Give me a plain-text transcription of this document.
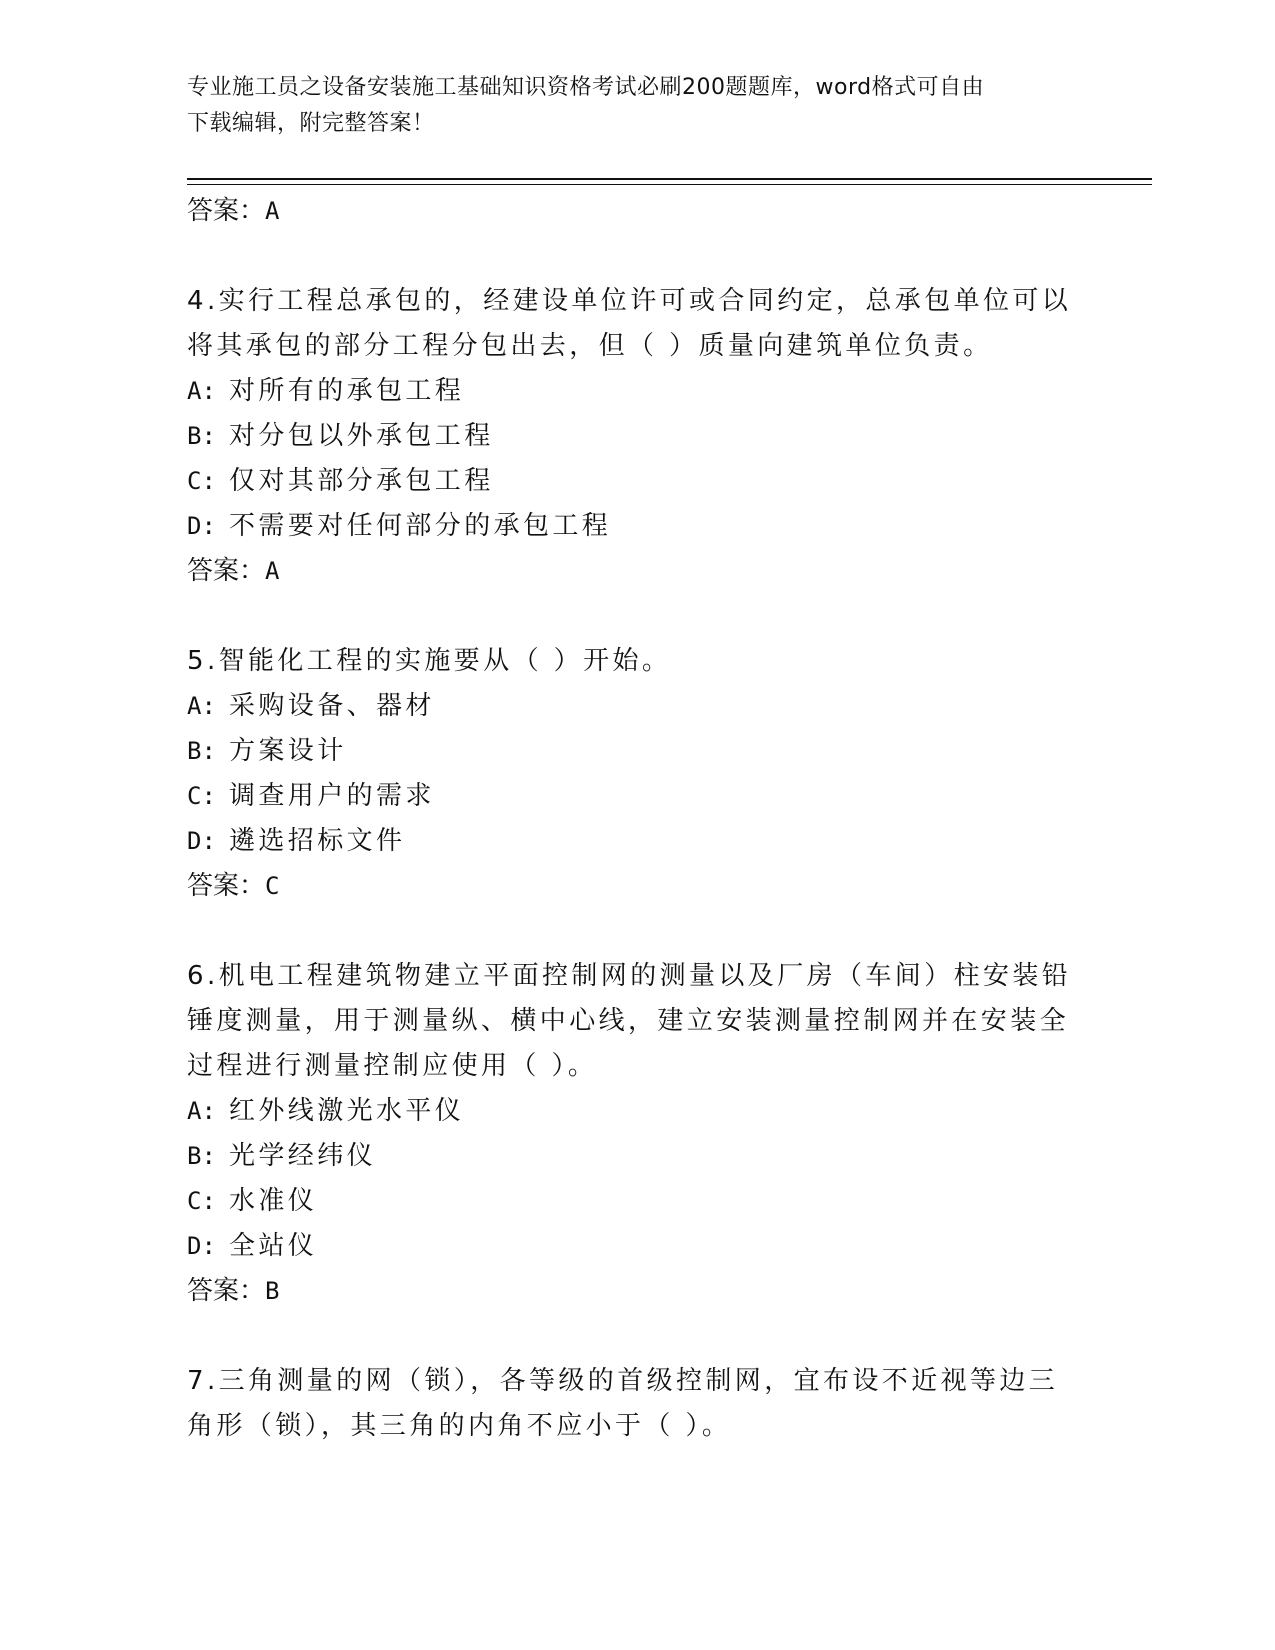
专业施工员之设备安装施工基础知识资格考试必刷200题题库，word格式可自由
下载编辑，附完整答案！
答案：A
4.实行工程总承包的，经建设单位许可或合同约定，总承包单位可以
将其承包的部分工程分包出去，但（ ）质量向建筑单位负责。
A: 对所有的承包工程
B: 对分包以外承包工程
C: 仅对其部分承包工程
D: 不需要对任何部分的承包工程
答案：A
5.智能化工程的实施要从（ ）开始。
A: 采购设备、器材
B: 方案设计
C: 调查用户的需求
D: 遴选招标文件
答案：C
6.机电工程建筑物建立平面控制网的测量以及厂房（车间）柱安装铅
锤度测量，用于测量纵、横中心线，建立安装测量控制网并在安装全
过程进行测量控制应使用（ ）。
A: 红外线激光水平仪
B: 光学经纬仪
C: 水准仪
D: 全站仪
答案：B
7.三角测量的网（锁），各等级的首级控制网，宜布设不近视等边三
角形（锁），其三角的内角不应小于（ ）。
